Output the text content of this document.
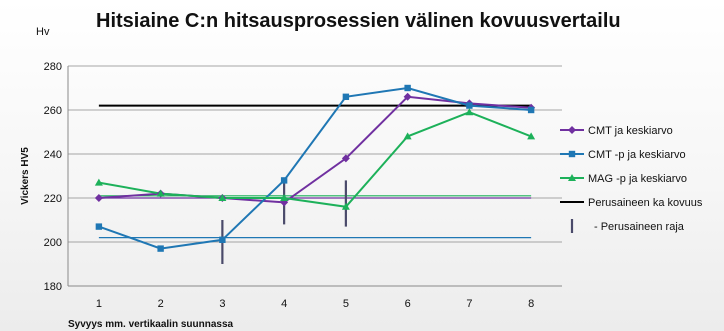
Hitsiaine C:n hitsausprosessien välinen kovuusvertailu
Hv
180
200
220
240
260
280
1	2	3	4	5	6	7	8
Vickers HV5
Syvyys mm. vertikaalin suunnassa
CMT ja keskiarvo
CMT -p ja keskiarvo
MAG -p ja keskiarvo
Perusaineen ka kovuus
- Perusaineen raja
